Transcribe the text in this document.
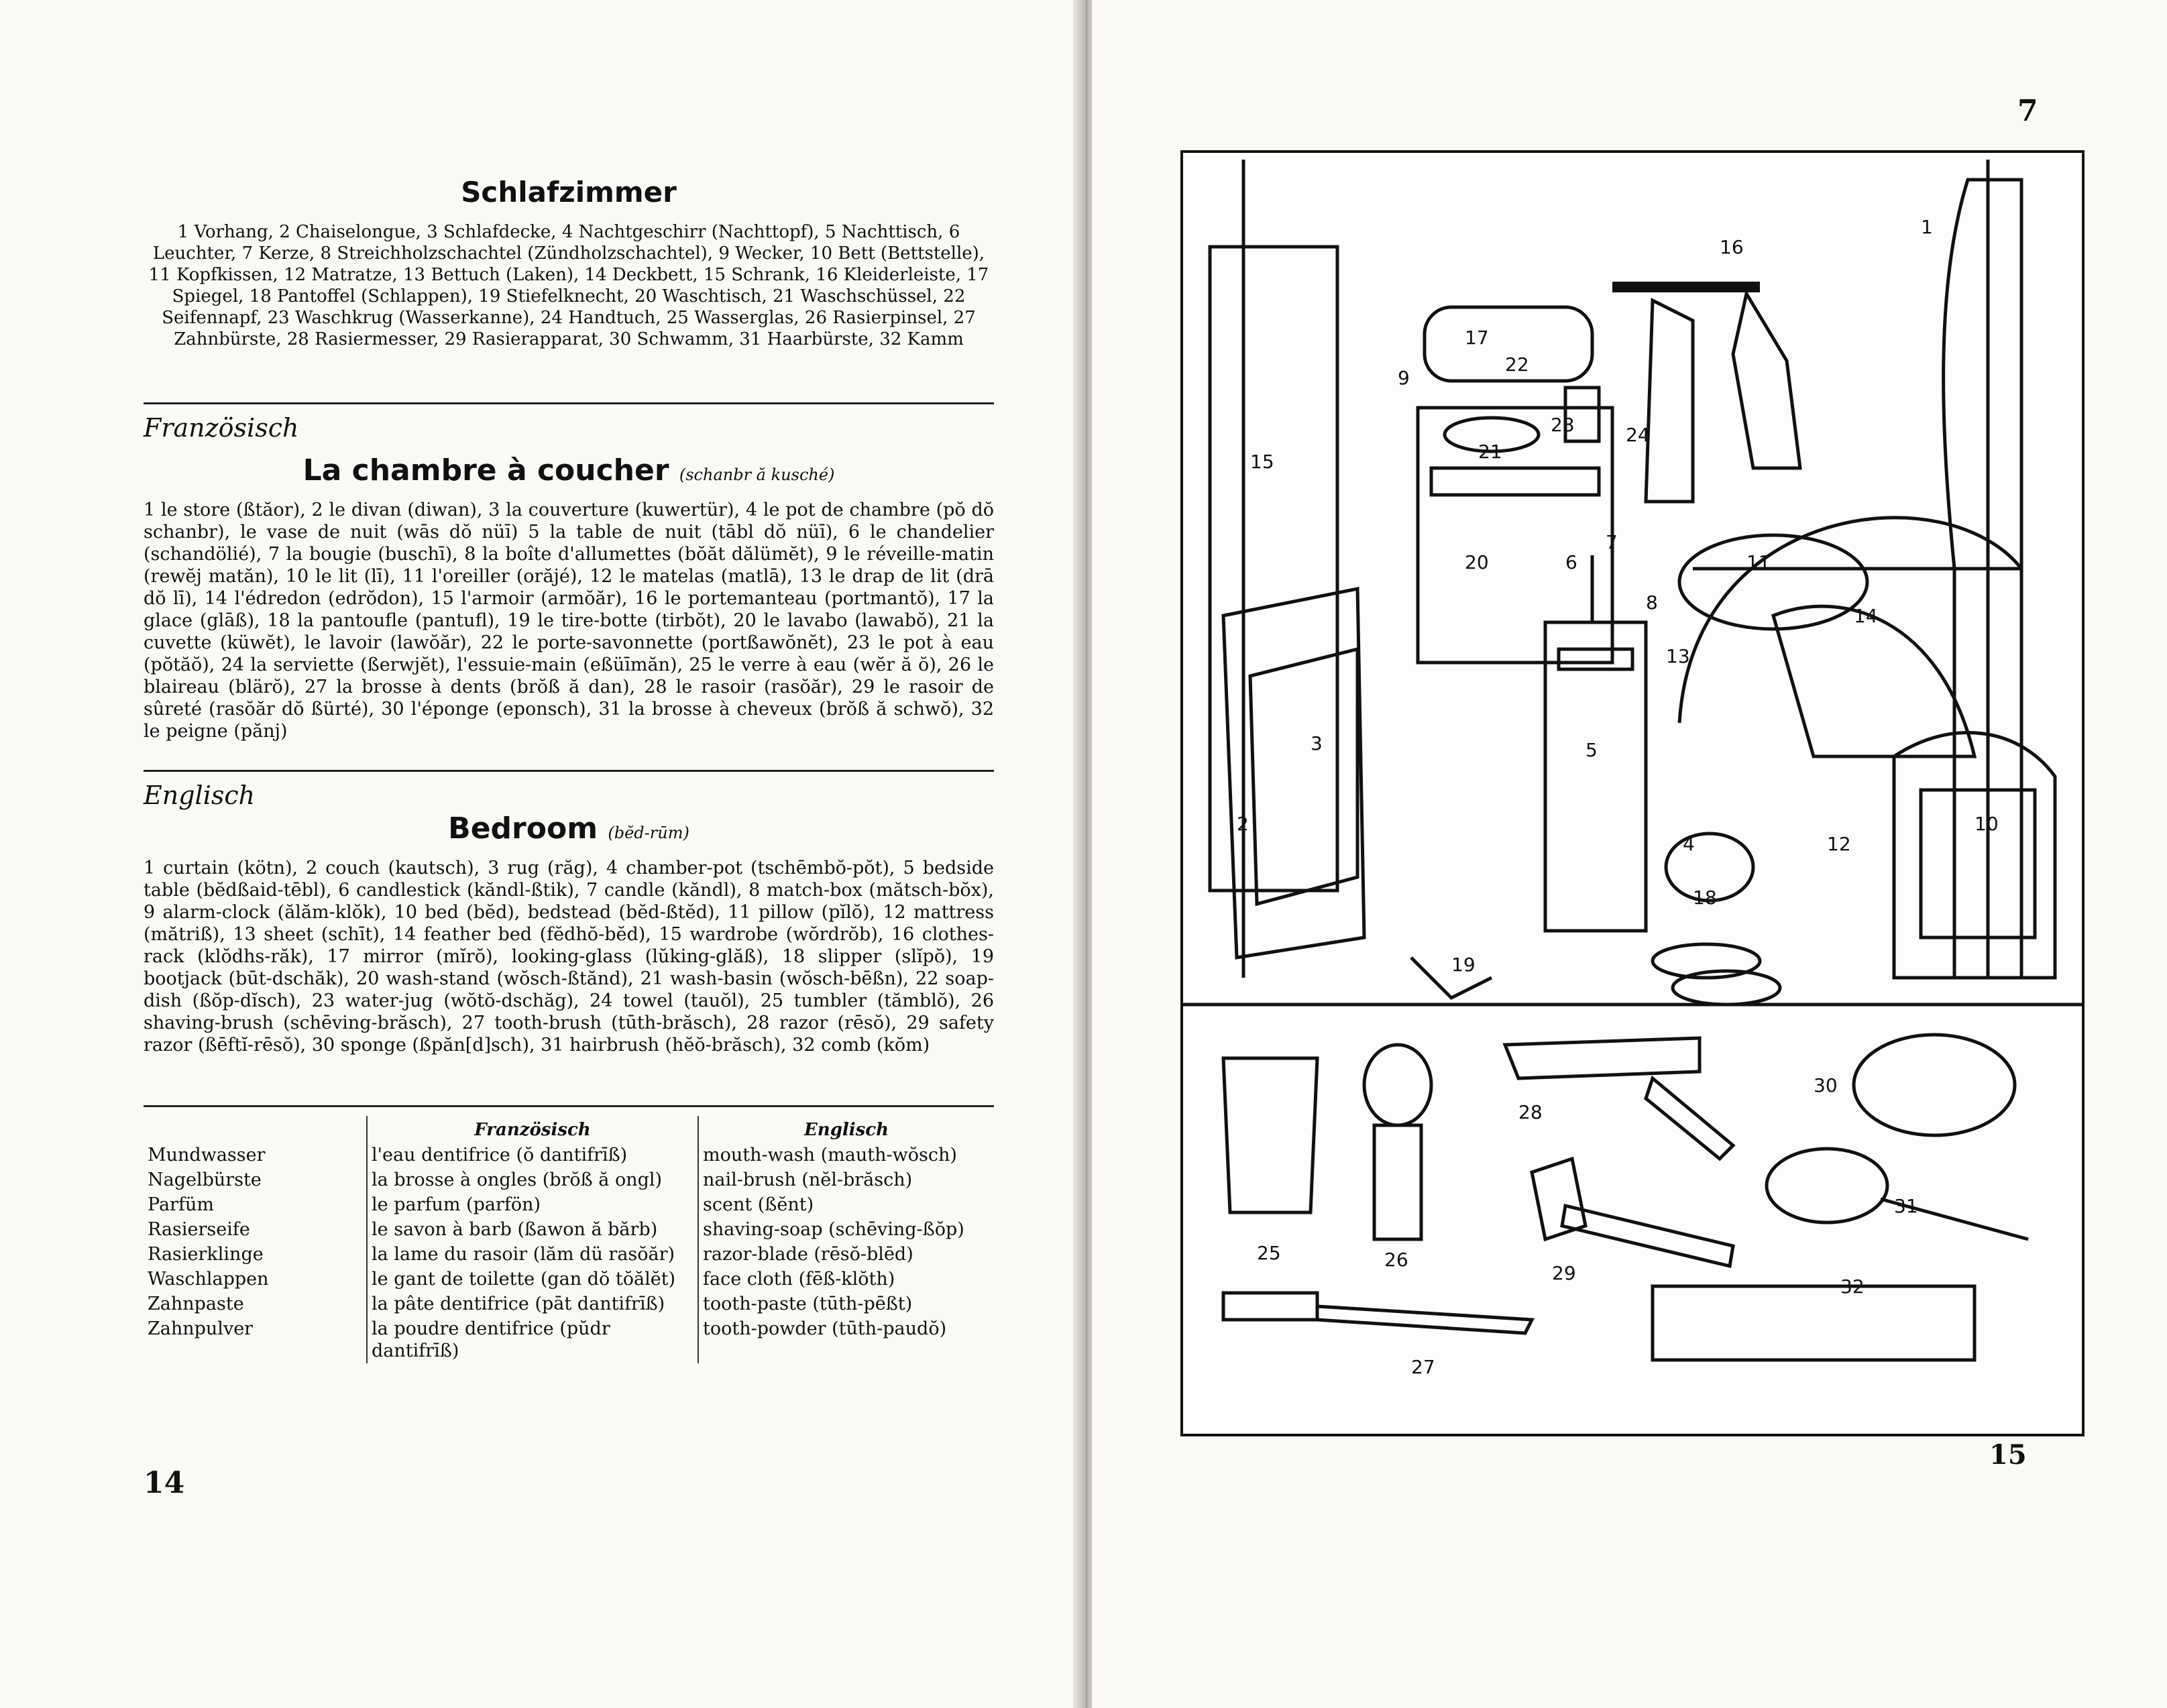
Schlafzimmer
1 Vorhang, 2 Chaiselongue, 3 Schlafdecke, 4 Nachtgeschirr (Nachttopf), 5 Nachttisch, 6 Leuchter, 7 Kerze, 8 Streichholzschachtel (Zündholzschachtel), 9 Wecker, 10 Bett (Bettstelle), 11 Kopfkissen, 12 Matratze, 13 Bettuch (Laken), 14 Deckbett, 15 Schrank, 16 Kleiderleiste, 17 Spiegel, 18 Pantoffel (Schlappen), 19 Stiefelknecht, 20 Waschtisch, 21 Waschschüssel, 22 Seifennapf, 23 Waschkrug (Wasserkanne), 24 Handtuch, 25 Wasserglas, 26 Rasierpinsel, 27 Zahnbürste, 28 Rasiermesser, 29 Rasierapparat, 30 Schwamm, 31 Haarbürste, 32 Kamm
Französisch
La chambre à coucher (schanbr ă kusché)
1 le store (ßtăor), 2 le divan (diwan), 3 la couverture (kuwertür), 4 le pot de chambre (pŏ dŏ schanbr), le vase de nuit (wās dŏ nüī) 5 la table de nuit (tābl dŏ nüī), 6 le chandelier (schandölié), 7 la bougie (buschī), 8 la boîte d'allumettes (bŏăt dălümĕt), 9 le réveille-matin (rewĕj matăn), 10 le lit (lī), 11 l'oreiller (orăjé), 12 le matelas (matlā), 13 le drap de lit (drā dŏ lī), 14 l'édredon (edrŏdon), 15 l'armoir (armŏăr), 16 le portemanteau (portmantŏ), 17 la glace (glāß), 18 la pantoufle (pantufl), 19 le tire-botte (tirbŏt), 20 le lavabo (lawabŏ), 21 la cuvette (küwĕt), le lavoir (lawŏăr), 22 le porte-savonnette (portßawŏnĕt), 23 le pot à eau (pŏtăŏ), 24 la serviette (ßerwjĕt), l'essuie-main (eßüīmăn), 25 le verre à eau (wĕr ă ŏ), 26 le blaireau (blärŏ), 27 la brosse à dents (brŏß ă dan), 28 le rasoir (rasŏăr), 29 le rasoir de sûreté (rasŏăr dŏ ßürté), 30 l'éponge (eponsch), 31 la brosse à cheveux (brŏß ă schwŏ), 32 le peigne (pănj)
Englisch
Bedroom (bĕd-rūm)
1 curtain (kötn), 2 couch (kautsch), 3 rug (răg), 4 chamber-pot (tschēmbŏ-pŏt), 5 bedside table (bĕdßaid-tēbl), 6 candlestick (kăndl-ßtik), 7 candle (kăndl), 8 match-box (mătsch-bŏx), 9 alarm-clock (ălăm-klŏk), 10 bed (bĕd), bedstead (bĕd-ßtĕd), 11 pillow (pĭlŏ), 12 mattress (mătriß), 13 sheet (schīt), 14 feather bed (fĕdhŏ-bĕd), 15 wardrobe (wŏrdrŏb), 16 clothes-rack (klŏdhs-răk), 17 mirror (mĭrŏ), looking-glass (lŭking-glăß), 18 slipper (slĭpŏ), 19 bootjack (būt-dschăk), 20 wash-stand (wŏsch-ßtănd), 21 wash-basin (wŏsch-bēßn), 22 soap-dish (ßŏp-dĭsch), 23 water-jug (wŏtŏ-dschăg), 24 towel (tauŏl), 25 tumbler (tămblŏ), 26 shaving-brush (schēving-brăsch), 27 tooth-brush (tūth-brăsch), 28 razor (rēsŏ), 29 safety razor (ßēftĭ-rēsŏ), 30 sponge (ßpăn[d]sch), 31 hairbrush (hĕŏ-brăsch), 32 comb (kŏm)
	Französisch	Englisch
Mundwasser	l'eau dentifrice (ŏ dantifrīß)	mouth-wash (mauth-wŏsch)
Nagelbürste	la brosse à ongles (brŏß ă ongl)	nail-brush (nĕl-brăsch)
Parfüm	le parfum (parfön)	scent (ßĕnt)
Rasierseife	le savon à barb (ßawon ă bărb)	shaving-soap (schēving-ßŏp)
Rasierklinge	la lame du rasoir (lăm dü rasŏăr)	razor-blade (rēsŏ-blēd)
Waschlappen	le gant de toilette (gan dŏ tŏălĕt)	face cloth (fēß-klŏth)
Zahnpaste	la pâte dentifrice (pāt dantifrīß)	tooth-paste (tūth-pēßt)
Zahnpulver	la poudre dentifrice (pŭdr dantifrīß)	tooth-powder (tūth-paudŏ)
14
7
1
2
3
4
5
6
7
8
9
10
11
12
13
14
15
16
17
18
19
20
21
22
23	24
25	26
27
28
29
30
31
32
15
